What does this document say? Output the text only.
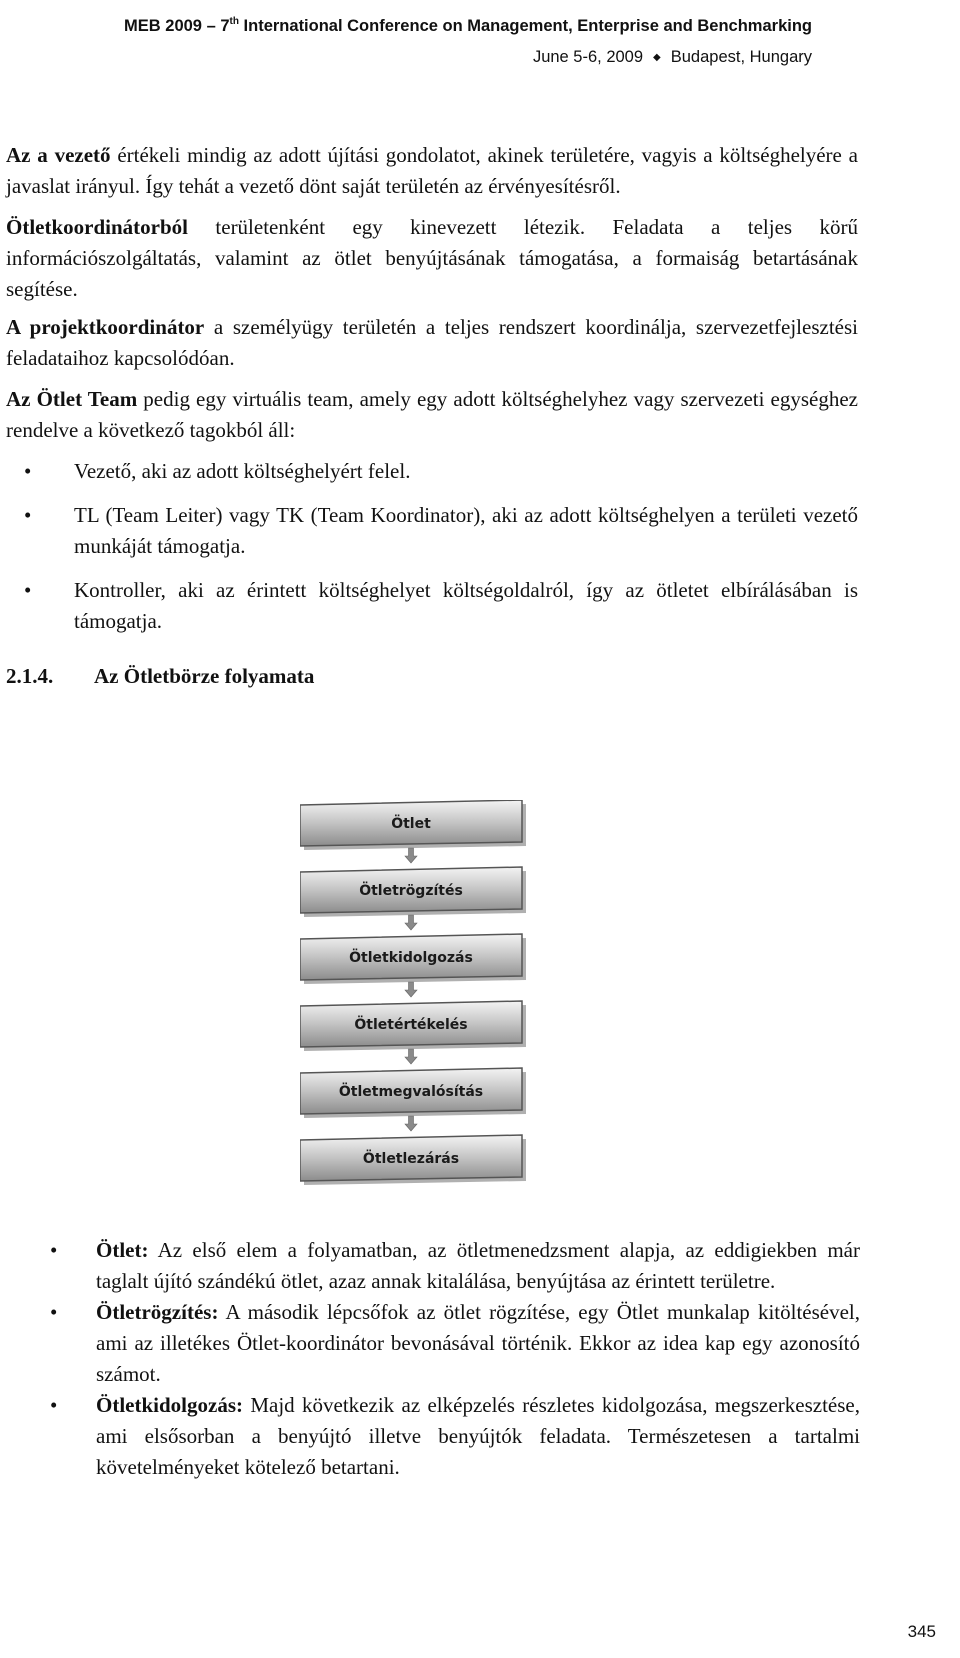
MEB 2009 – 7th International Conference on Management, Enterprise and Benchmarking
June 5-6, 2009 ◆ Budapest, Hungary

Az a vezető értékeli mindig az adott újítási gondolatot, akinek területére, vagyis a költséghelyére a javaslat irányul. Így tehát a vezető dönt saját területén az érvényesítésről.

Ötletkoordinátorból területenként egy kinevezett létezik. Feladata a teljes körű információszolgáltatás, valamint az ötlet benyújtásának támogatása, a formaiság betartásának segítése.

A projektkoordinátor a személyügy területén a teljes rendszert koordinálja, szervezetfejlesztési feladataihoz kapcsolódóan.

Az Ötlet Team pedig egy virtuális team, amely egy adott költséghelyhez vagy szervezeti egységhez rendelve a következő tagokból áll:

• Vezető, aki az adott költséghelyért felel.
• TL (Team Leiter) vagy TK (Team Koordinator), aki az adott költséghelyen a területi vezető munkáját támogatja.
• Kontroller, aki az érintett költséghelyet költségoldalról, így az ötletet elbírálásában is támogatja.
2.1.4. Az Ötletbörze folyamata
Ötlet
Ötletrögzítés
Ötletkidolgozás
Ötletértékelés
Ötletmegvalósítás
Ötletlezárás
• Ötlet: Az első elem a folyamatban, az ötletmenedzsment alapja, az eddigiekben már taglalt újító szándékú ötlet, azaz annak kitalálása, benyújtása az érintett területre.
• Ötletrögzítés: A második lépcsőfok az ötlet rögzítése, egy Ötlet munkalap kitöltésével, ami az illetékes Ötlet-koordinátor bevonásával történik. Ekkor az idea kap egy azonosító számot.
• Ötletkidolgozás: Majd következik az elképzelés részletes kidolgozása, megszerkesztése, ami elsősorban a benyújtó illetve benyújtók feladata. Természetesen a tartalmi követelményeket kötelező betartani.
345
